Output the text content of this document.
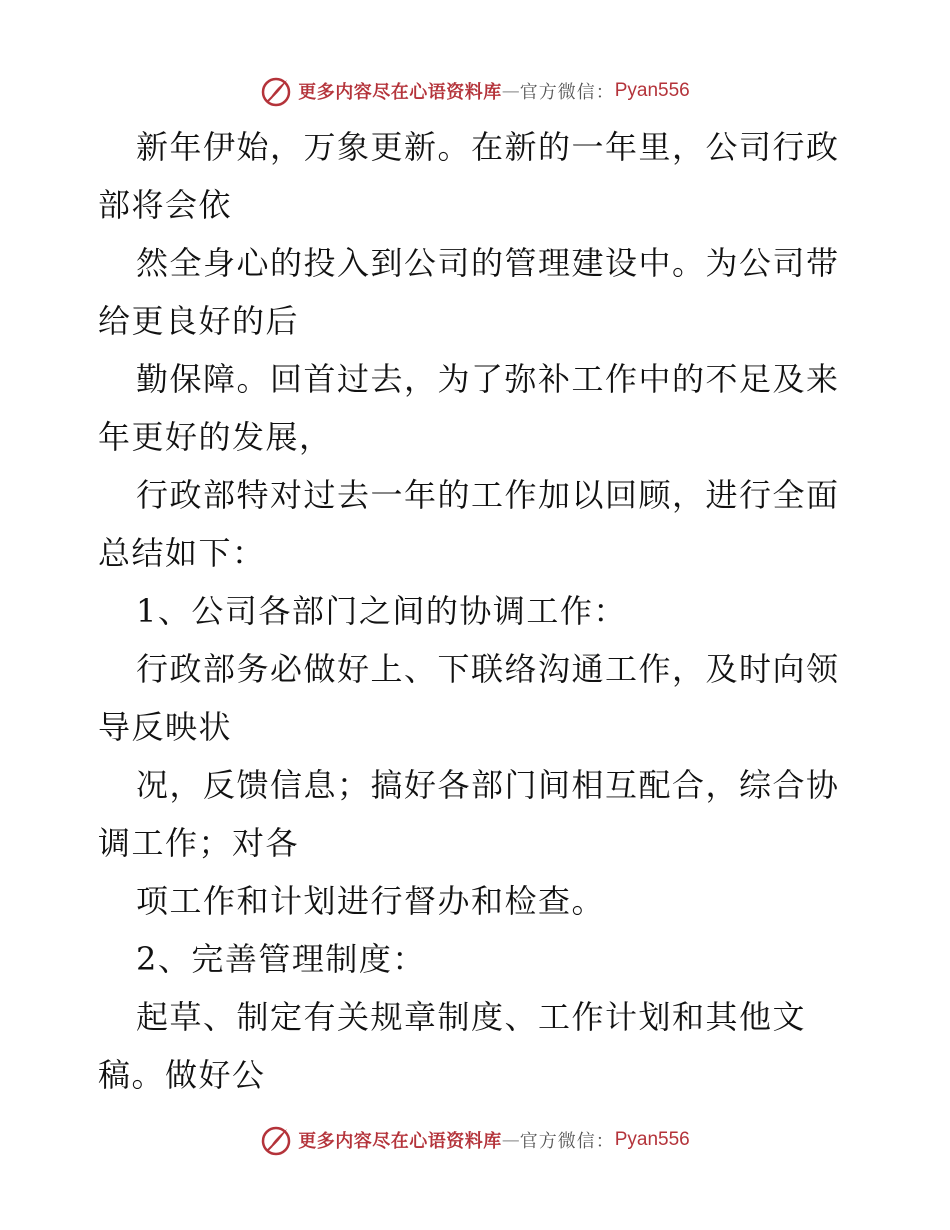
更多内容尽在心语资料库 — 官方微信： Pyan556
新年伊始，万象更新。在新的一年里，公司行政
部将会依
然全身心的投入到公司的管理建设中。为公司带
给更良好的后
勤保障。回首过去，为了弥补工作中的不足及来
年更好的发展，
行政部特对过去一年的工作加以回顾，进行全面
总结如下：
1、公司各部门之间的协调工作：
行政部务必做好上、下联络沟通工作，及时向领
导反映状
况，反馈信息；搞好各部门间相互配合，综合协
调工作；对各
项工作和计划进行督办和检查。
2、完善管理制度：
起草、制定有关规章制度、工作计划和其他文
稿。做好公
更多内容尽在心语资料库 — 官方微信： Pyan556
